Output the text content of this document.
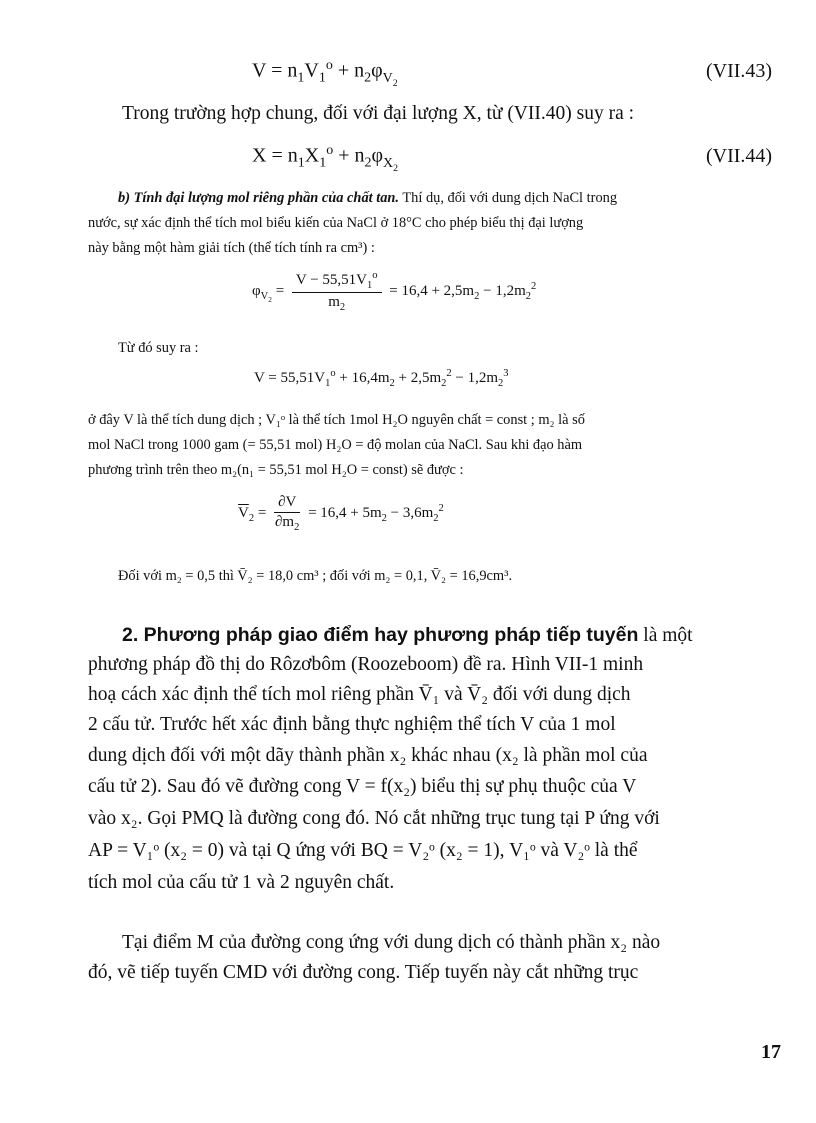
$V = n_1V_1^o + n_2\varphi_{V_2}$
(VII.43)
Trong trường hợp chung, đối với đại lượng X, từ (VII.40) suy ra :
$X = n_1X_1^o + n_2\varphi_{X_2}$
(VII.44)
b) Tính đại lượng mol riêng phần của chất tan. Thí dụ, đối với dung dịch NaCl trong
nước, sự xác định thể tích mol biểu kiến của NaCl ở 18°C cho phép biểu thị đại lượng
này bằng một hàm giải tích (thể tích tính ra cm³) :
$\varphi_{V_2} = \frac{V - 55,51V_1^o}{m_2} = 16,4 + 2,5m_2 - 1,2m_2^2$
Từ đó suy ra :
$V = 55,51V_1^o + 16,4m_2 + 2,5m_2^2 - 1,2m_2^3$
ở đây V là thể tích dung dịch ; V₁ᵒ là thể tích 1mol H₂O nguyên chất = const ; m₂ là số
mol NaCl trong 1000 gam (= 55,51 mol) H₂O = độ molan của NaCl. Sau khi đạo hàm
phương trình trên theo m₂(n₁ = 55,51 mol H₂O = const) sẽ được :
$\overline{V}_2 = \frac{\partial V}{\partial m_2} = 16,4 + 5m_2 - 3,6m_2^2$
Đối với m₂ = 0,5 thì V̄₂ = 18,0 cm³ ; đối với m₂ = 0,1, V̄₂ = 16,9cm³.
2. Phương pháp giao điểm hay phương pháp tiếp tuyến là một
phương pháp đồ thị do Rôzơbôm (Roozeboom) đề ra. Hình VII-1 minh
hoạ cách xác định thể tích mol riêng phần V̄₁ và V̄₂ đối với dung dịch
2 cấu tử. Trước hết xác định bằng thực nghiệm thể tích V của 1 mol
dung dịch đối với một dãy thành phần x₂ khác nhau (x₂ là phần mol của
cấu tử 2). Sau đó vẽ đường cong V = f(x₂) biểu thị sự phụ thuộc của V
vào x₂. Gọi PMQ là đường cong đó. Nó cắt những trục tung tại P ứng với
AP = V₁ᵒ (x₂ = 0) và tại Q ứng với BQ = V₂ᵒ (x₂ = 1), V₁ᵒ và V₂ᵒ là thể
tích mol của cấu tử 1 và 2 nguyên chất.
Tại điểm M của đường cong ứng với dung dịch có thành phần x₂ nào
đó, vẽ tiếp tuyến CMD với đường cong. Tiếp tuyến này cắt những trục
17
